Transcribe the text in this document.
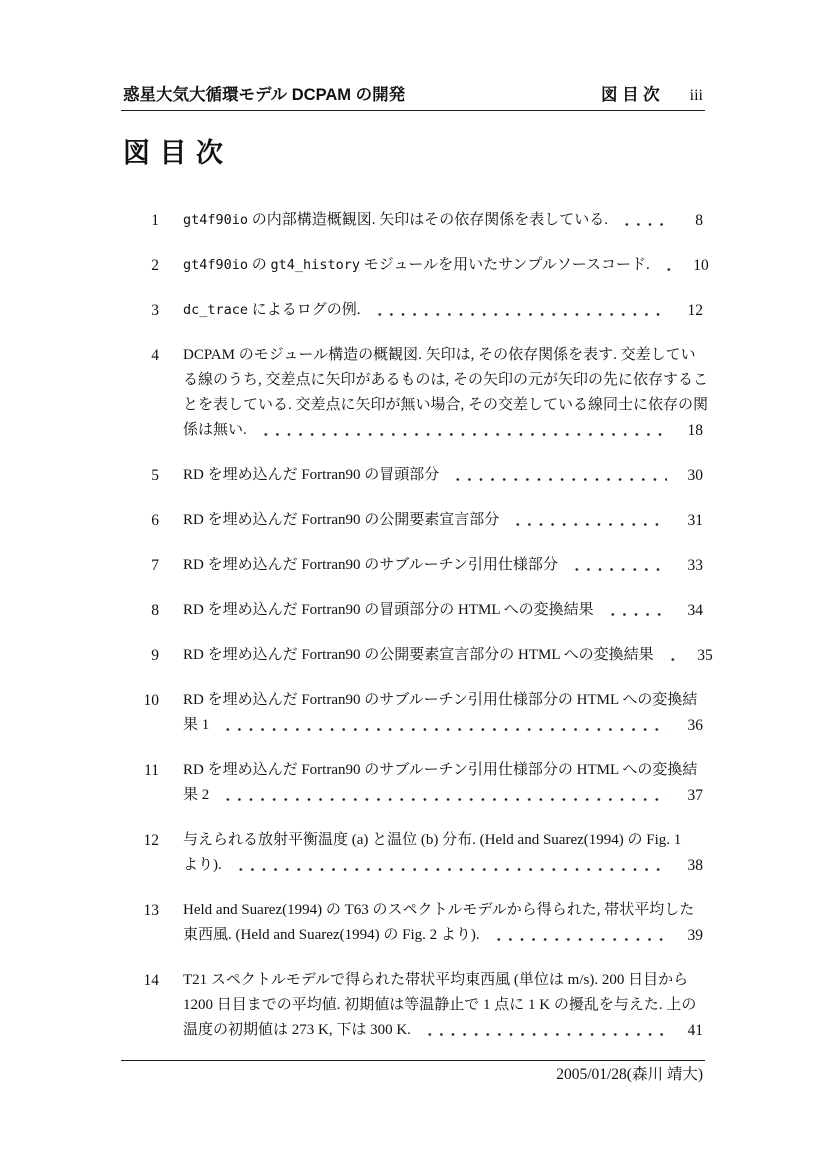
惑星大気大循環モデル DCPAM の開発	図 目 次 iii
図 目 次
1 gt4f90io の内部構造概観図. 矢印はその依存関係を表している.	8
2 gt4f90io の gt4_history モジュールを用いたサンプルソースコード.	10
3 dc_trace によるログの例.	12
4 DCPAM のモジュール構造の概観図. 矢印は, その依存関係を表す. 交差してい
る線のうち, 交差点に矢印があるものは, その矢印の元が矢印の先に依存するこ
とを表している. 交差点に矢印が無い場合, その交差している線同士に依存の関
係は無い.	18
5 RD を埋め込んだ Fortran90 の冒頭部分	30
6 RD を埋め込んだ Fortran90 の公開要素宣言部分	31
7 RD を埋め込んだ Fortran90 のサブルーチン引用仕様部分	33
8 RD を埋め込んだ Fortran90 の冒頭部分の HTML への変換結果	34
9 RD を埋め込んだ Fortran90 の公開要素宣言部分の HTML への変換結果	35
10 RD を埋め込んだ Fortran90 のサブルーチン引用仕様部分の HTML への変換結
果 1	36
11 RD を埋め込んだ Fortran90 のサブルーチン引用仕様部分の HTML への変換結
果 2	37
12 与えられる放射平衡温度 (a) と温位 (b) 分布. (Held and Suarez(1994) の Fig. 1
より).	38
13 Held and Suarez(1994) の T63 のスペクトルモデルから得られた, 帯状平均した
東西風. (Held and Suarez(1994) の Fig. 2 より).	39
14 T21 スペクトルモデルで得られた帯状平均東西風 (単位は m/s). 200 日目から
1200 日目までの平均値. 初期値は等温静止で 1 点に 1 K の擾乱を与えた. 上の
温度の初期値は 273 K, 下は 300 K.	41
2005/01/28(森川 靖大)
